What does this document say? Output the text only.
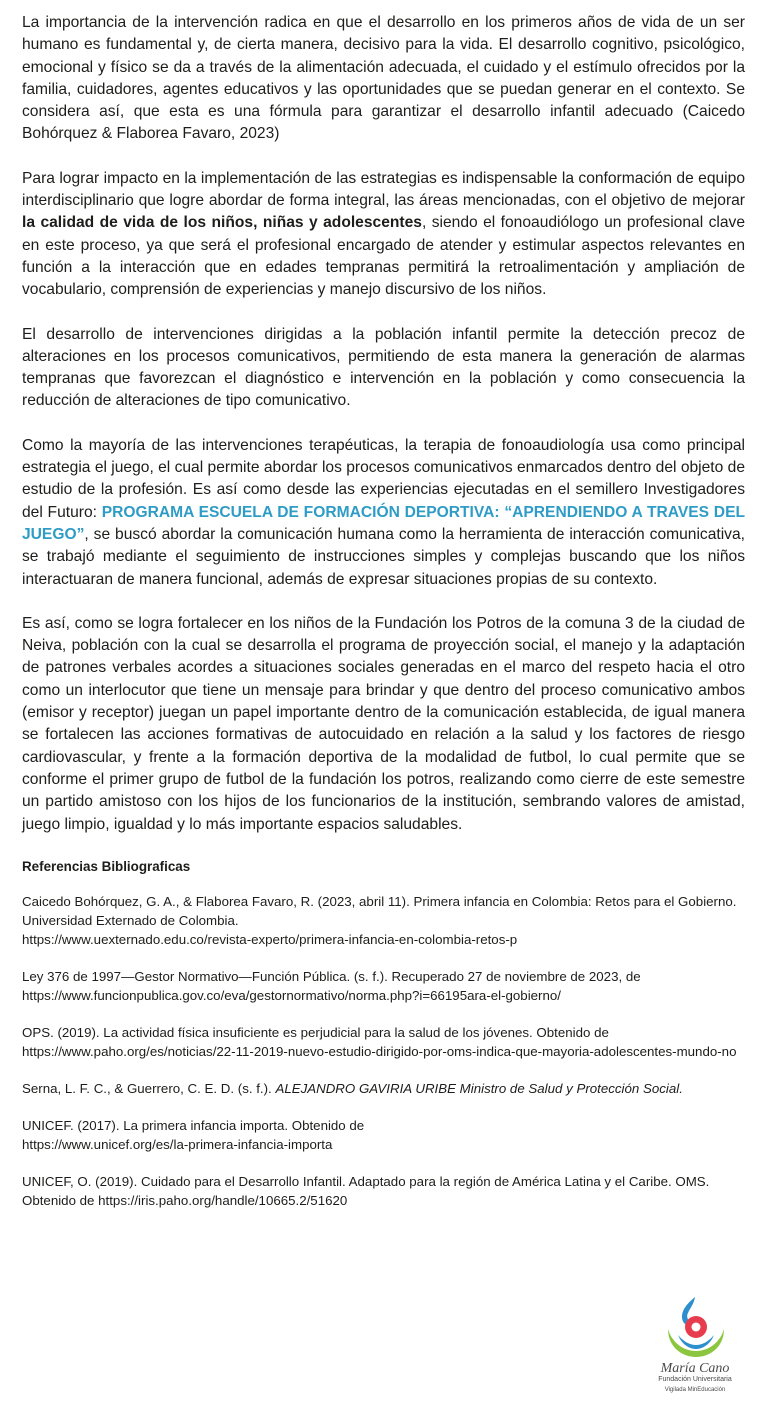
La importancia de la intervención radica en que el desarrollo en los primeros años de vida de un ser humano es fundamental y, de cierta manera, decisivo para la vida. El desarrollo cognitivo, psicológico, emocional y físico se da a través de la alimentación adecuada, el cuidado y el estímulo ofrecidos por la familia, cuidadores, agentes educativos y las oportunidades que se puedan generar en el contexto. Se considera así, que esta es una fórmula para garantizar el desarrollo infantil adecuado (Caicedo Bohórquez & Flaborea Favaro, 2023)

Para lograr impacto en la implementación de las estrategias es indispensable la conformación de equipo interdisciplinario que logre abordar de forma integral, las áreas mencionadas, con el objetivo de mejorar la calidad de vida de los niños, niñas y adolescentes, siendo el fonoaudiólogo un profesional clave en este proceso, ya que será el profesional encargado de atender y estimular aspectos relevantes en función a la interacción que en edades tempranas permitirá la retroalimentación y ampliación de vocabulario, comprensión de experiencias y manejo discursivo de los niños.

El desarrollo de intervenciones dirigidas a la población infantil permite la detección precoz de alteraciones en los procesos comunicativos, permitiendo de esta manera la generación de alarmas tempranas que favorezcan el diagnóstico e intervención en la población y como consecuencia la reducción de alteraciones de tipo comunicativo.

Como la mayoría de las intervenciones terapéuticas, la terapia de fonoaudiología usa como principal estrategia el juego, el cual permite abordar los procesos comunicativos enmarcados dentro del objeto de estudio de la profesión. Es así como desde las experiencias ejecutadas en el semillero Investigadores del Futuro: PROGRAMA ESCUELA DE FORMACIÓN DEPORTIVA: “APRENDIENDO A TRAVES DEL JUEGO”, se buscó abordar la comunicación humana como la herramienta de interacción comunicativa, se trabajó mediante el seguimiento de instrucciones simples y complejas buscando que los niños interactuaran de manera funcional, además de expresar situaciones propias de su contexto.

Es así, como se logra fortalecer en los niños de la Fundación los Potros de la comuna 3 de la ciudad de Neiva, población con la cual se desarrolla el programa de proyección social, el manejo y la adaptación de patrones verbales acordes a situaciones sociales generadas en el marco del respeto hacia el otro como un interlocutor que tiene un mensaje para brindar y que dentro del proceso comunicativo ambos (emisor y receptor) juegan un papel importante dentro de la comunicación establecida, de igual manera se fortalecen las acciones formativas de autocuidado en relación a la salud y los factores de riesgo cardiovascular, y frente a la formación deportiva de la modalidad de futbol, lo cual permite que se conforme el primer grupo de futbol de la fundación los potros, realizando como cierre de este semestre un partido amistoso con los hijos de los funcionarios de la institución, sembrando valores de amistad, juego limpio, igualdad y lo más importante espacios saludables.

Referencias Bibliograficas

Caicedo Bohórquez, G. A., & Flaborea Favaro, R. (2023, abril 11). Primera infancia en Colombia: Retos para el Gobierno. Universidad Externado de Colombia.
https://www.uexternado.edu.co/revista-experto/primera-infancia-en-colombia-retos-p

Ley 376 de 1997—Gestor Normativo—Función Pública. (s. f.). Recuperado 27 de noviembre de 2023, de
https://www.funcionpublica.gov.co/eva/gestornormativo/norma.php?i=66195ara-el-gobierno/

OPS. (2019). La actividad física insuficiente es perjudicial para la salud de los jóvenes. Obtenido de
https://www.paho.org/es/noticias/22-11-2019-nuevo-estudio-dirigido-por-oms-indica-que-mayoria-adolescentes-mundo-no

Serna, L. F. C., & Guerrero, C. E. D. (s. f.). ALEJANDRO GAVIRIA URIBE Ministro de Salud y Protección Social.

UNICEF. (2017). La primera infancia importa. Obtenido de
https://www.unicef.org/es/la-primera-infancia-importa

UNICEF, O. (2019). Cuidado para el Desarrollo Infantil. Adaptado para la región de América Latina y el Caribe. OMS. Obtenido de https://iris.paho.org/handle/10665.2/51620

María Cano
Fundación Universitaria
Vigilada MinEducación
